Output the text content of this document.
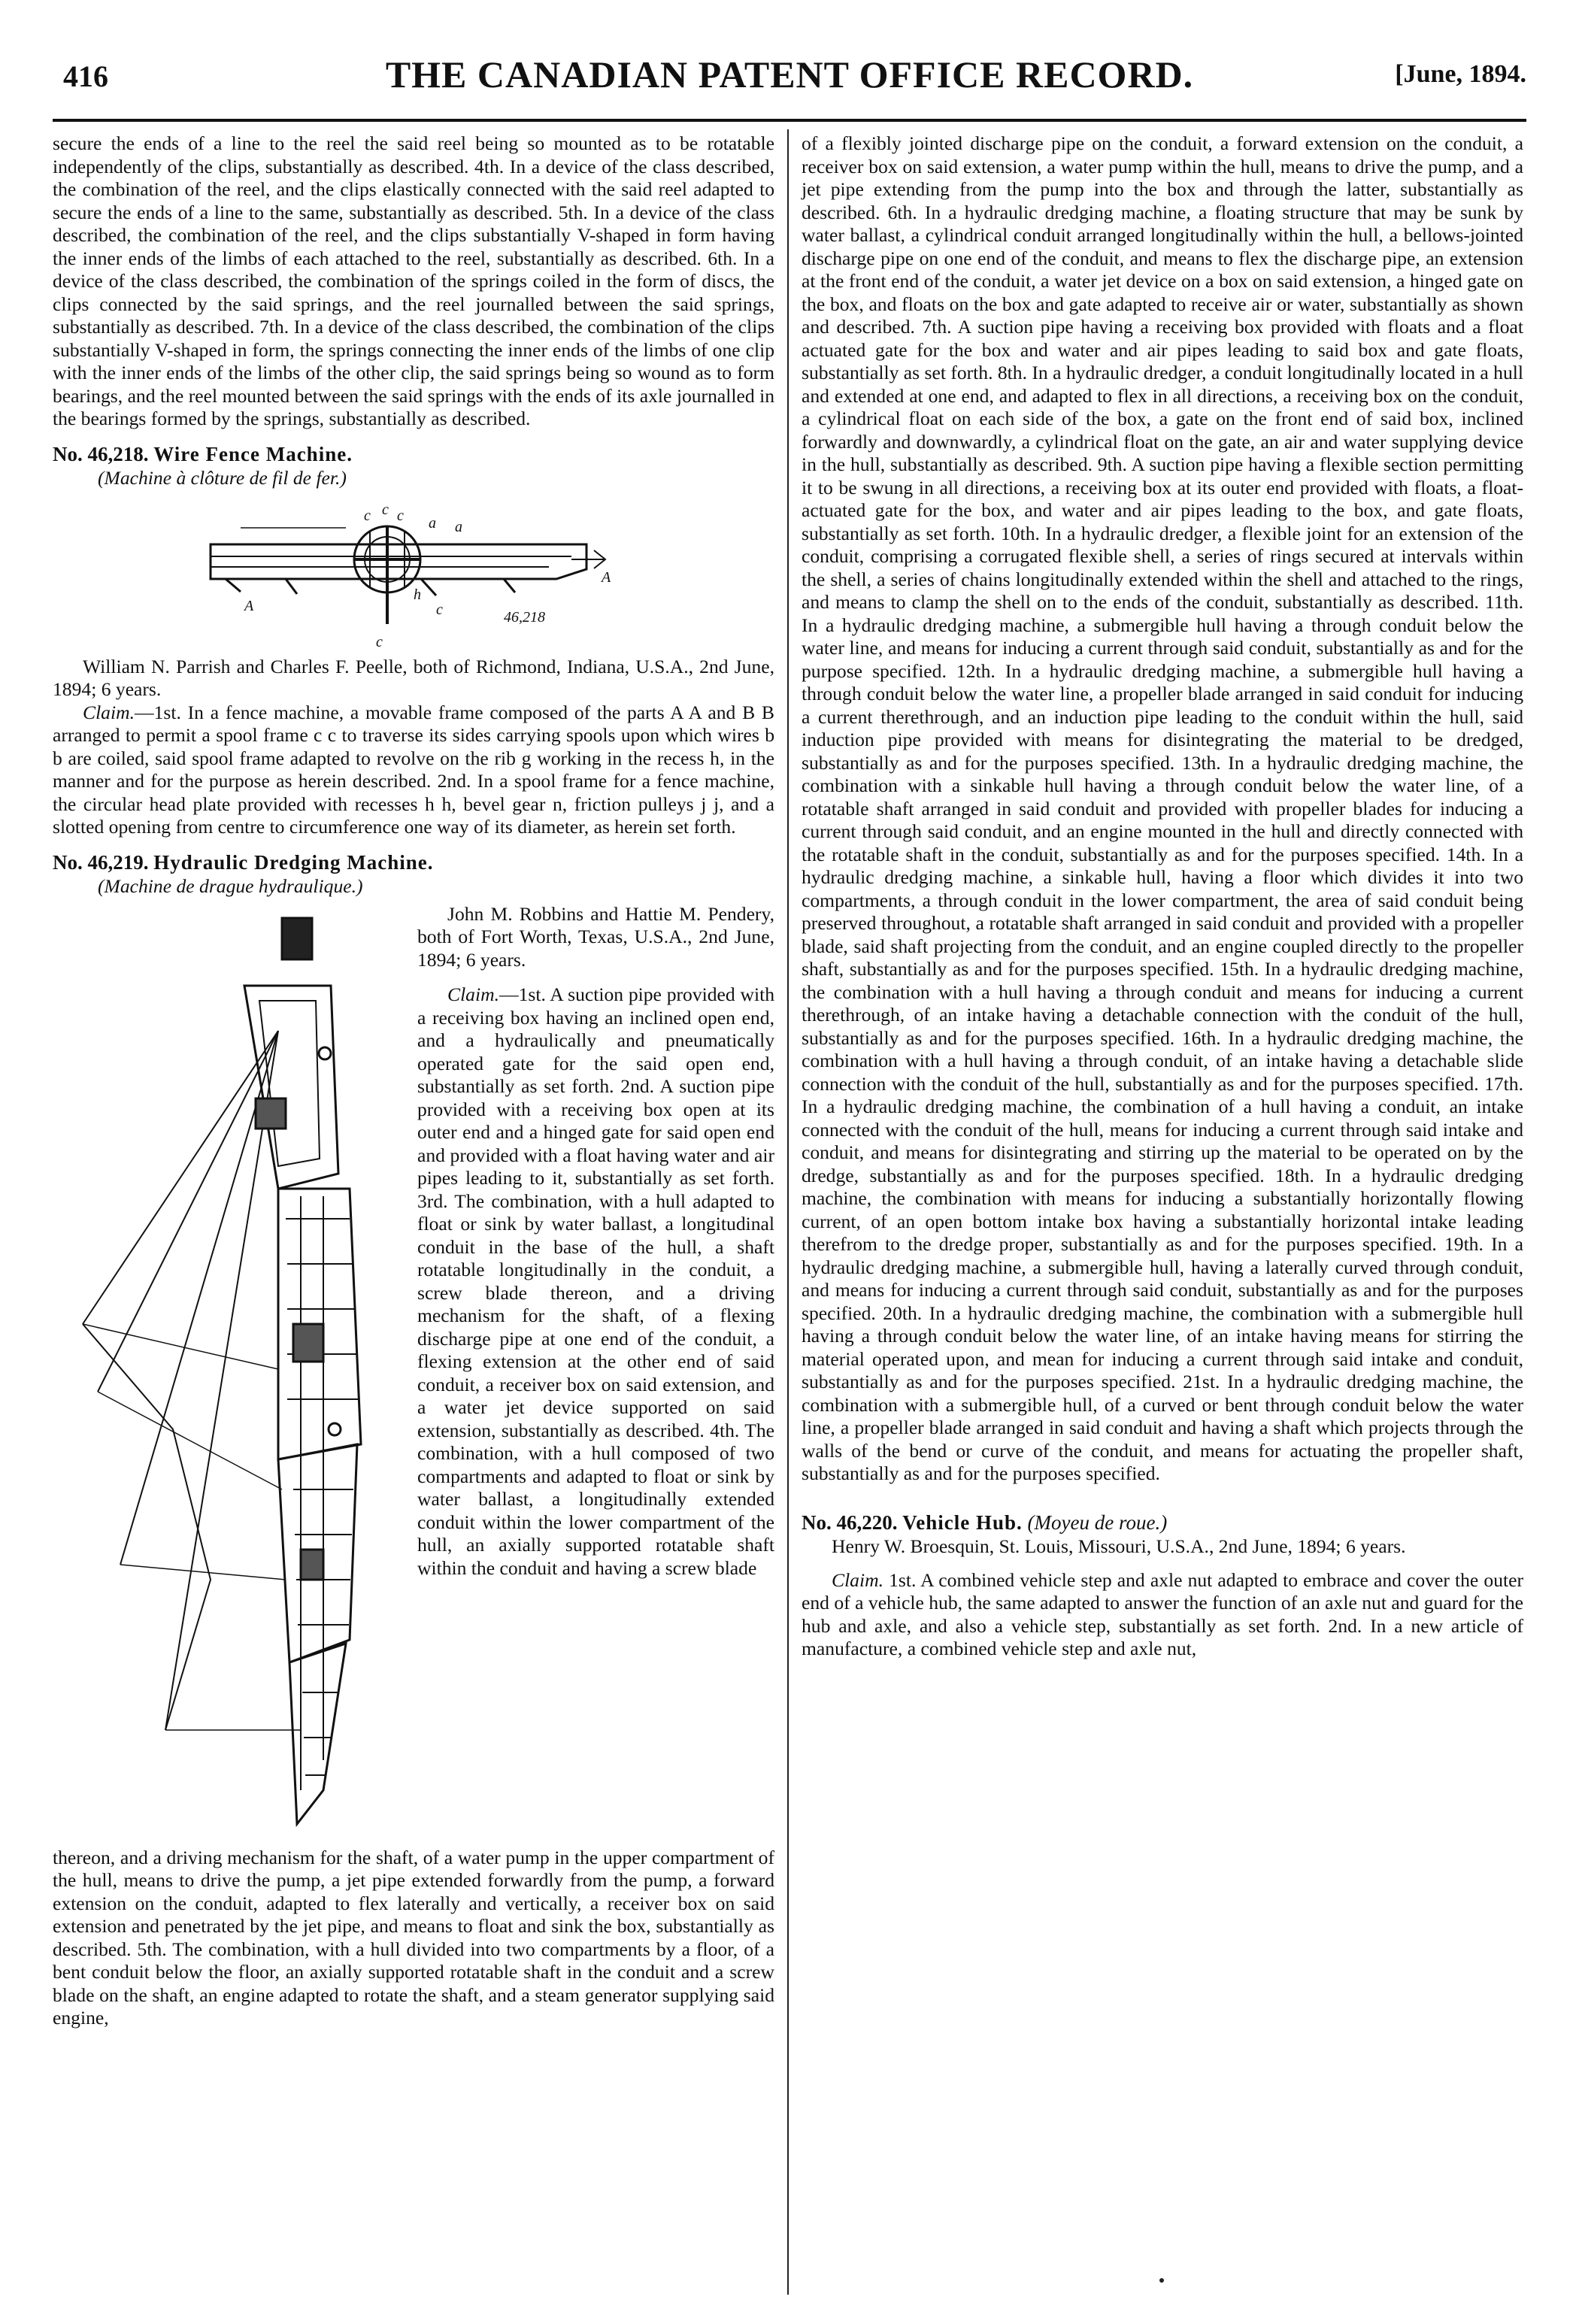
416	THE CANADIAN PATENT OFFICE RECORD.	[June, 1894.

secure the ends of a line to the reel the said reel being so mounted as to be rotatable independently of the clips, substantially as described. 4th. In a device of the class described, the combination of the reel, and the clips elastically connected with the said reel adapted to secure the ends of a line to the same, substantially as described. 5th. In a device of the class described, the combination of the reel, and the clips substantially V-shaped in form having the inner ends of the limbs of each attached to the reel, substantially as described. 6th. In a device of the class described, the combination of the springs coiled in the form of discs, the clips connected by the said springs, and the reel journalled between the said springs, substantially as described. 7th. In a device of the class described, the combination of the clips substantially V-shaped in form, the springs connecting the inner ends of the limbs of one clip with the inner ends of the limbs of the other clip, the said springs being so wound as to form bearings, and the reel mounted between the said springs with the ends of its axle journalled in the bearings formed by the springs, substantially as described.

No. 46,218. Wire Fence Machine.
(Machine à clôture de fil de fer.)
c c c a a
c
A
h
c
A
46,218

William N. Parrish and Charles F. Peelle, both of Richmond, Indiana, U.S.A., 2nd June, 1894; 6 years.

Claim.—1st. In a fence machine, a movable frame composed of the parts A A and B B arranged to permit a spool frame c c to traverse its sides carrying spools upon which wires b b are coiled, said spool frame adapted to revolve on the rib g working in the recess h, in the manner and for the purpose as herein described. 2nd. In a spool frame for a fence machine, the circular head plate provided with recesses h h, bevel gear n, friction pulleys j j, and a slotted opening from centre to circumference one way of its diameter, as herein set forth.

No. 46,219. Hydraulic Dredging Machine.
(Machine de drague hydraulique.)

John M. Robbins and Hattie M. Pendery, both of Fort Worth, Texas, U.S.A., 2nd June, 1894; 6 years.

Claim.—1st. A suction pipe provided with a receiving box having an inclined open end, and a hydraulically and pneumatically operated gate for the said open end, substantially as set forth. 2nd. A suction pipe provided with a receiving box open at its outer end and a hinged gate for said open end and provided with a float having water and air pipes leading to it, substantially as set forth. 3rd. The combination, with a hull adapted to float or sink by water ballast, a longitudinal conduit in the base of the hull, a shaft rotatable longitudinally in the conduit, a screw blade thereon, and a driving mechanism for the shaft, of a flexing discharge pipe at one end of the conduit, a flexing extension at the other end of said conduit, a receiver box on said extension, and a water jet device supported on said extension, substantially as described. 4th. The combination, with a hull composed of two compartments and adapted to float or sink by water ballast, a longitudinally extended conduit within the lower compartment of the hull, an axially supported rotatable shaft within the conduit and having a screw blade

thereon, and a driving mechanism for the shaft, of a water pump in the upper compartment of the hull, means to drive the pump, a jet pipe extended forwardly from the pump, a forward extension on the conduit, adapted to flex laterally and vertically, a receiver box on said extension and penetrated by the jet pipe, and means to float and sink the box, substantially as described. 5th. The combination, with a hull divided into two compartments by a floor, of a bent conduit below the floor, an axially supported rotatable shaft in the conduit and a screw blade on the shaft, an engine adapted to rotate the shaft, and a steam generator supplying said engine,

of a flexibly jointed discharge pipe on the conduit, a forward extension on the conduit, a receiver box on said extension, a water pump within the hull, means to drive the pump, and a jet pipe extending from the pump into the box and through the latter, substantially as described. 6th. In a hydraulic dredging machine, a floating structure that may be sunk by water ballast, a cylindrical conduit arranged longitudinally within the hull, a bellows-jointed discharge pipe on one end of the conduit, and means to flex the discharge pipe, an extension at the front end of the conduit, a water jet device on a box on said extension, a hinged gate on the box, and floats on the box and gate adapted to receive air or water, substantially as shown and described. 7th. A suction pipe having a receiving box provided with floats and a float actuated gate for the box and water and air pipes leading to said box and gate floats, substantially as set forth. 8th. In a hydraulic dredger, a conduit longitudinally located in a hull and extended at one end, and adapted to flex in all directions, a receiving box on the conduit, a cylindrical float on each side of the box, a gate on the front end of said box, inclined forwardly and downwardly, a cylindrical float on the gate, an air and water supplying device in the hull, substantially as described. 9th. A suction pipe having a flexible section permitting it to be swung in all directions, a receiving box at its outer end provided with floats, a float-actuated gate for the box, and water and air pipes leading to the box, and gate floats, substantially as set forth. 10th. In a hydraulic dredger, a flexible joint for an extension of the conduit, comprising a corrugated flexible shell, a series of rings secured at intervals within the shell, a series of chains longitudinally extended within the shell and attached to the rings, and means to clamp the shell on to the ends of the conduit, substantially as described. 11th. In a hydraulic dredging machine, a submergible hull having a through conduit below the water line, and means for inducing a current through said conduit, substantially as and for the purpose specified. 12th. In a hydraulic dredging machine, a submergible hull having a through conduit below the water line, a propeller blade arranged in said conduit for inducing a current therethrough, and an induction pipe leading to the conduit within the hull, said induction pipe provided with means for disintegrating the material to be dredged, substantially as and for the purposes specified. 13th. In a hydraulic dredging machine, the combination with a sinkable hull having a through conduit below the water line, of a rotatable shaft arranged in said conduit and provided with propeller blades for inducing a current through said conduit, and an engine mounted in the hull and directly connected with the rotatable shaft in the conduit, substantially as and for the purposes specified. 14th. In a hydraulic dredging machine, a sinkable hull, having a floor which divides it into two compartments, a through conduit in the lower compartment, the area of said conduit being preserved throughout, a rotatable shaft arranged in said conduit and provided with a propeller blade, said shaft projecting from the conduit, and an engine coupled directly to the propeller shaft, substantially as and for the purposes specified. 15th. In a hydraulic dredging machine, the combination with a hull having a through conduit and means for inducing a current therethrough, of an intake having a detachable connection with the conduit of the hull, substantially as and for the purposes specified. 16th. In a hydraulic dredging machine, the combination with a hull having a through conduit, of an intake having a detachable slide connection with the conduit of the hull, substantially as and for the purposes specified. 17th. In a hydraulic dredging machine, the combination of a hull having a conduit, an intake connected with the conduit of the hull, means for inducing a current through said intake and conduit, and means for disintegrating and stirring up the material to be operated on by the dredge, substantially as and for the purposes specified. 18th. In a hydraulic dredging machine, the combination with means for inducing a substantially horizontally flowing current, of an open bottom intake box having a substantially horizontal intake leading therefrom to the dredge proper, substantially as and for the purposes specified. 19th. In a hydraulic dredging machine, a submergible hull, having a laterally curved through conduit, and means for inducing a current through said conduit, substantially as and for the purposes specified. 20th. In a hydraulic dredging machine, the combination with a submergible hull having a through conduit below the water line, of an intake having means for stirring the material operated upon, and mean for inducing a current through said intake and conduit, substantially as and for the purposes specified. 21st. In a hydraulic dredging machine, the combination with a submergible hull, of a curved or bent through conduit below the water line, a propeller blade arranged in said conduit and having a shaft which projects through the walls of the bend or curve of the conduit, and means for actuating the propeller shaft, substantially as and for the purposes specified.

No. 46,220. Vehicle Hub. (Moyeu de roue.)

Henry W. Broesquin, St. Louis, Missouri, U.S.A., 2nd June, 1894; 6 years.

Claim. 1st. A combined vehicle step and axle nut adapted to embrace and cover the outer end of a vehicle hub, the same adapted to answer the function of an axle nut and guard for the hub and axle, and also a vehicle step, substantially as set forth. 2nd. In a new article of manufacture, a combined vehicle step and axle nut,
